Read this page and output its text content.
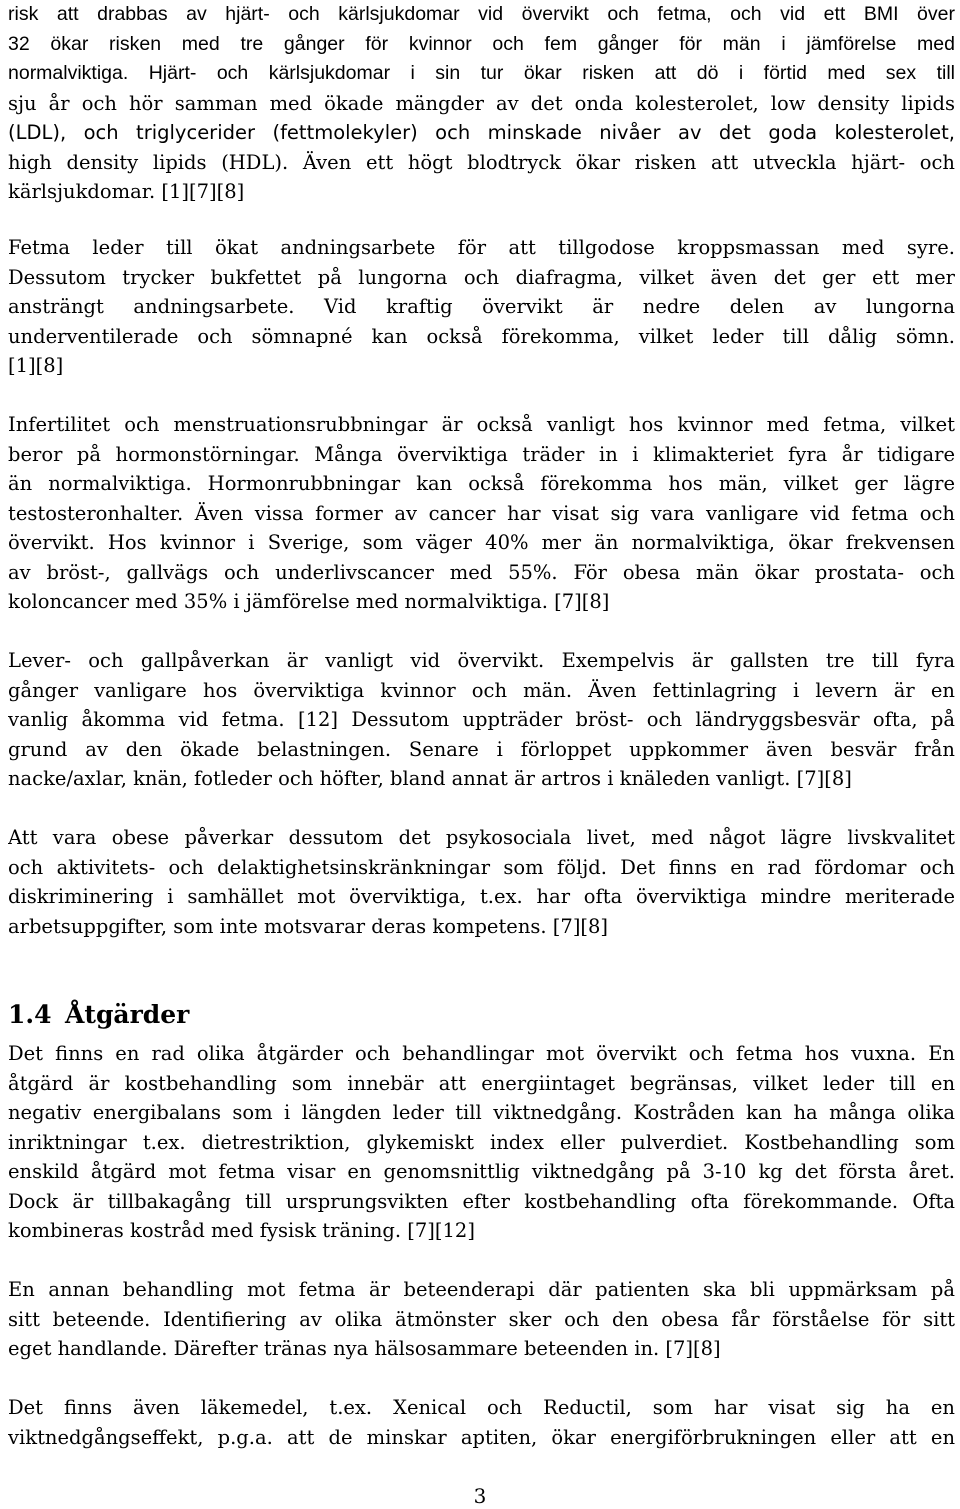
risk att drabbas av hjärt- och kärlsjukdomar vid övervikt och fetma, och vid ett BMI över
32 ökar risken med tre gånger för kvinnor och fem gånger för män i jämförelse med
normalviktiga. Hjärt- och kärlsjukdomar i sin tur ökar risken att dö i förtid med sex till
sju år och hör samman med ökade mängder av det onda kolesterolet, low density lipids
(LDL), och triglycerider (fettmolekyler) och minskade nivåer av det goda kolesterolet,
high density lipids (HDL). Även ett högt blodtryck ökar risken att utveckla hjärt- och
kärlsjukdomar. [1][7][8]
Fetma leder till ökat andningsarbete för att tillgodose kroppsmassan med syre.
Dessutom trycker bukfettet på lungorna och diafragma, vilket även det ger ett mer
ansträngt andningsarbete. Vid kraftig övervikt är nedre delen av lungorna
underventilerade och sömnapné kan också förekomma, vilket leder till dålig sömn.
[1][8]
Infertilitet och menstruationsrubbningar är också vanligt hos kvinnor med fetma, vilket
beror på hormonstörningar. Många överviktiga träder in i klimakteriet fyra år tidigare
än normalviktiga. Hormonrubbningar kan också förekomma hos män, vilket ger lägre
testosteronhalter. Även vissa former av cancer har visat sig vara vanligare vid fetma och
övervikt. Hos kvinnor i Sverige, som väger 40% mer än normalviktiga, ökar frekvensen
av bröst-, gallvägs och underlivscancer med 55%. För obesa män ökar prostata- och
koloncancer med 35% i jämförelse med normalviktiga. [7][8]
Lever- och gallpåverkan är vanligt vid övervikt. Exempelvis är gallsten tre till fyra
gånger vanligare hos överviktiga kvinnor och män. Även fettinlagring i levern är en
vanlig åkomma vid fetma. [12] Dessutom uppträder bröst- och ländryggsbesvär ofta, på
grund av den ökade belastningen. Senare i förloppet uppkommer även besvär från
nacke/axlar, knän, fotleder och höfter, bland annat är artros i knäleden vanligt. [7][8]
Att vara obese påverkar dessutom det psykosociala livet, med något lägre livskvalitet
och aktivitets- och delaktighetsinskränkningar som följd. Det finns en rad fördomar och
diskriminering i samhället mot överviktiga, t.ex. har ofta överviktiga mindre meriterade
arbetsuppgifter, som inte motsvarar deras kompetens. [7][8]
1.4 Åtgärder
Det finns en rad olika åtgärder och behandlingar mot övervikt och fetma hos vuxna. En
åtgärd är kostbehandling som innebär att energiintaget begränsas, vilket leder till en
negativ energibalans som i längden leder till viktnedgång. Kostråden kan ha många olika
inriktningar t.ex. dietrestriktion, glykemiskt index eller pulverdiet. Kostbehandling som
enskild åtgärd mot fetma visar en genomsnittlig viktnedgång på 3-10 kg det första året.
Dock är tillbakagång till ursprungsvikten efter kostbehandling ofta förekommande. Ofta
kombineras kostråd med fysisk träning. [7][12]
En annan behandling mot fetma är beteenderapi där patienten ska bli uppmärksam på
sitt beteende. Identifiering av olika ätmönster sker och den obesa får förståelse för sitt
eget handlande. Därefter tränas nya hälsosammare beteenden in. [7][8]
Det finns även läkemedel, t.ex. Xenical och Reductil, som har visat sig ha en
viktnedgångseffekt, p.g.a. att de minskar aptiten, ökar energiförbrukningen eller att en
3
